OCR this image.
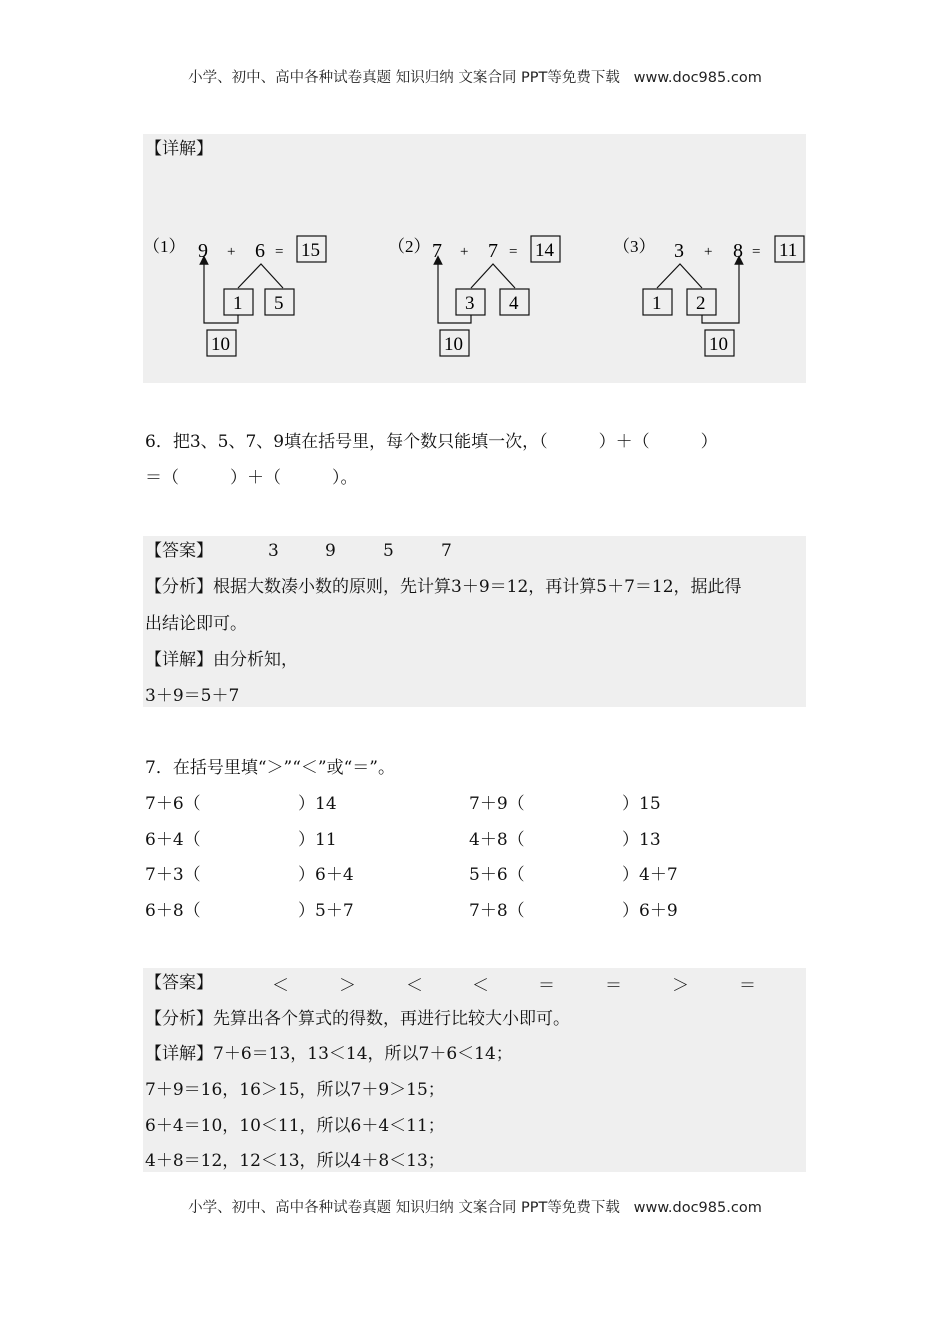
小学、初中、高中各种试卷真题 知识归纳 文案合同 PPT等免费下载 www.doc985.com
【详解】
（1） 9 + 6 = 15
1 5
10
（2） 7 + 7 = 14
3 4
10
（3） 3 + 8 = 11
1 2
10
6．把3、5、7、9填在括号里，每个数只能填一次，（　　　）＋（　　　）
＝（　　　）＋（　　　）。
【答案】	3	9	5	7
【分析】根据大数凑小数的原则，先计算3＋9＝12，再计算5＋7＝12，据此得
出结论即可。
【详解】由分析知，
3＋9＝5＋7
7．在括号里填“＞”“＜”或“＝”。
7＋6（	）14	7＋9（	）15
6＋4（	）11	4＋8（	）13
7＋3（	）6＋4	5＋6（	）4＋7
6＋8（	）5＋7	7＋8（	）6＋9
【答案】	＜	＞	＜	＜	＝	＝	＞	＝
【分析】先算出各个算式的得数，再进行比较大小即可。
【详解】7＋6＝13，13＜14，所以7＋6＜14；
7＋9＝16，16＞15，所以7＋9＞15；
6＋4＝10，10＜11，所以6＋4＜11；
4＋8＝12，12＜13，所以4＋8＜13；
小学、初中、高中各种试卷真题 知识归纳 文案合同 PPT等免费下载 www.doc985.com
